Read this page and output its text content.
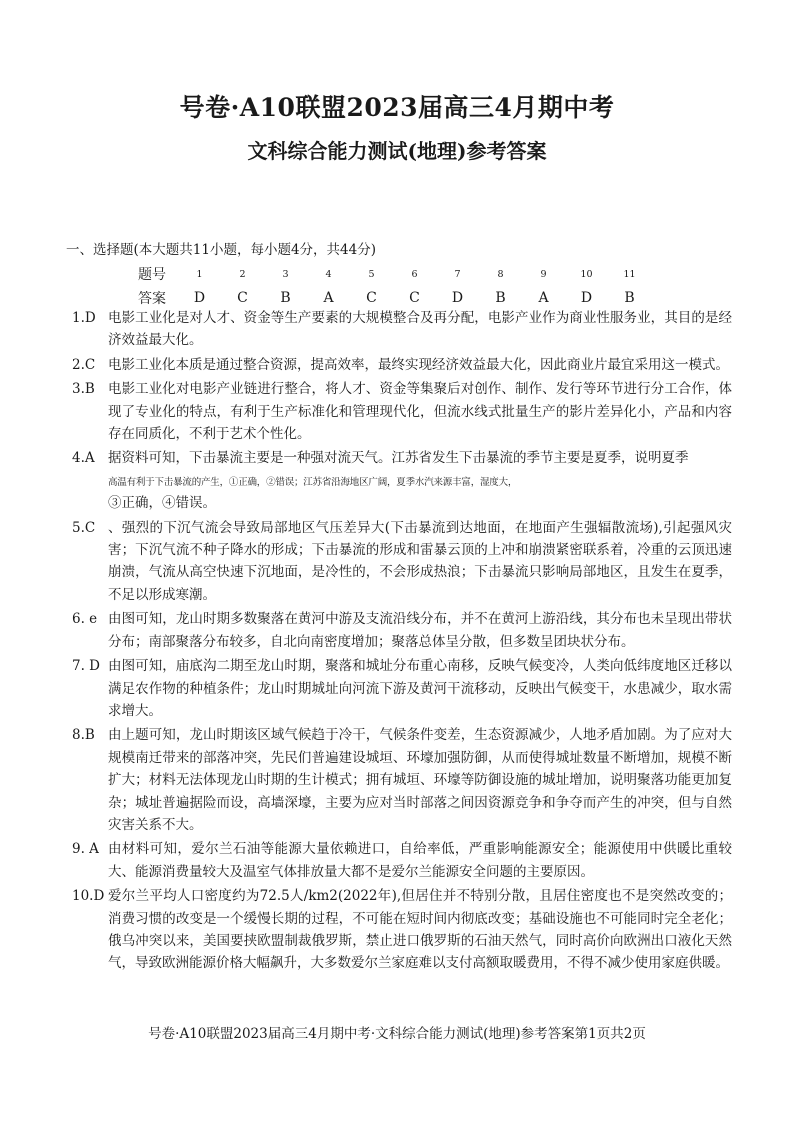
号卷·A10联盟2023届高三4月期中考
文科综合能力测试(地理)参考答案
一、选择题(本大题共11小题，每小题4分，共44分)
题号	1	2	3	4	5	6	7	8	9	10	11
答案	D	C	B	A	C	C	D	B	A	D	B
1.D 电影工业化是对人才、资金等生产要素的大规模整合及再分配，电影产业作为商业性服务业，其目的是经济效益最大化。
2.C 电影工业化本质是通过整合资源，提高效率，最终实现经济效益最大化，因此商业片最宜采用这一模式。
3.B 电影工业化对电影产业链进行整合，将人才、资金等集聚后对创作、制作、发行等环节进行分工合作，体现了专业化的特点，有利于生产标准化和管理现代化，但流水线式批量生产的影片差异化小，产品和内容存在同质化，不利于艺术个性化。
4.A 据资料可知，下击暴流主要是一种强对流天气。江苏省发生下击暴流的季节主要是夏季，说明夏季
高温有利于下击暴流的产生，①正确，②错误；江苏省沿海地区广阔，夏季水汽来源丰富，湿度大，
③正确，④错误。
5.C 、强烈的下沉气流会导致局部地区气压差异大(下击暴流到达地面，在地面产生强辐散流场),引起强风灾害；下沉气流不种子降水的形成；下击暴流的形成和雷暴云顶的上冲和崩溃紧密联系着，冷重的云顶迅速崩溃，气流从高空快速下沉地面，是冷性的，不会形成热浪；下击暴流只影响局部地区，且发生在夏季，不足以形成寒潮。
6. e 由图可知，龙山时期多数聚落在黄河中游及支流沿线分布，并不在黄河上游沿线，其分布也未呈现出带状分布；南部聚落分布较多，自北向南密度增加；聚落总体呈分散，但多数呈团块状分布。
7. D 由图可知，庙底沟二期至龙山时期，聚落和城址分布重心南移，反映气候变冷，人类向低纬度地区迁移以满足农作物的种植条件；龙山时期城址向河流下游及黄河干流移动，反映出气候变干，水患减少，取水需求增大。
8.B 由上题可知，龙山时期该区域气候趋于冷干，气候条件变差，生态资源减少，人地矛盾加剧。为了应对大规模南迁带来的部落冲突，先民们普遍建设城垣、环壕加强防御，从而使得城址数量不断增加，规模不断扩大；材料无法体现龙山时期的生计模式；拥有城垣、环壕等防御设施的城址增加，说明聚落功能更加复杂；城址普遍据险而设，高墙深壕，主要为应对当时部落之间因资源竞争和争夺而产生的冲突，但与自然灾害关系不大。
9. A 由材料可知，爱尔兰石油等能源大量依赖进口，自给率低，严重影响能源安全；能源使用中供暖比重较大、能源消费量较大及温室气体排放量大都不是爱尔兰能源安全问题的主要原因。
10.D 爱尔兰平均人口密度约为72.5人/km2(2022年),但居住并不特别分散，且居住密度也不是突然改变的；消费习惯的改变是一个缓慢长期的过程，不可能在短时间内彻底改变；基础设施也不可能同时完全老化；俄乌冲突以来，美国要挟欧盟制裁俄罗斯，禁止进口俄罗斯的石油天然气，同时高价向欧洲出口液化天然气，导致欧洲能源价格大幅飙升，大多数爱尔兰家庭难以支付高额取暖费用，不得不减少使用家庭供暖。
号卷·A10联盟2023届高三4月期中考·文科综合能力测试(地理)参考答案第1页共2页
